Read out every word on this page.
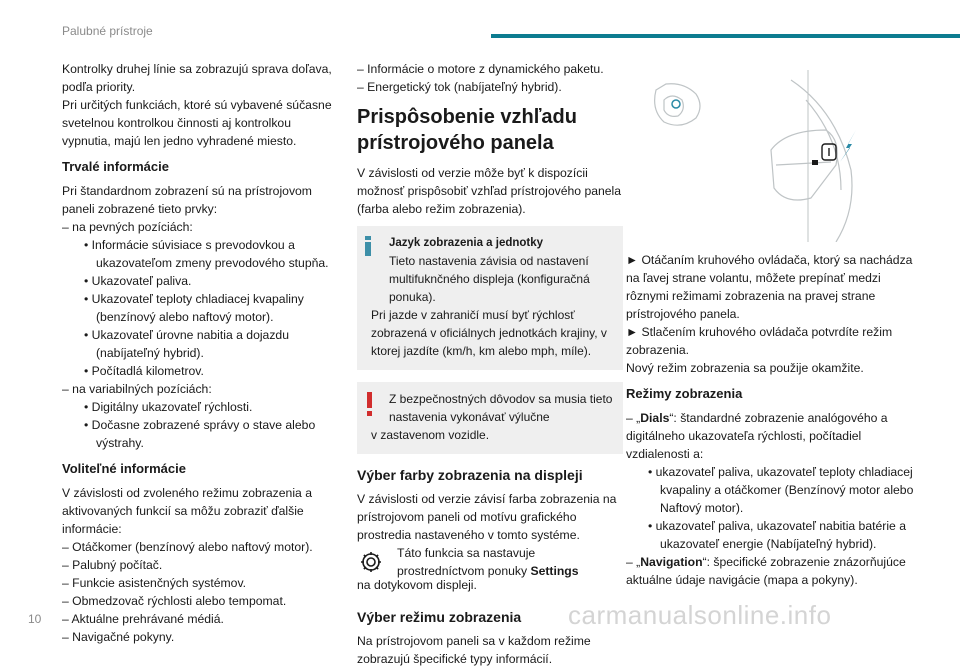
Palubné prístroje

Kontrolky druhej línie sa zobrazujú sprava doľava, podľa priority.

Pri určitých funkciách, ktoré sú vybavené súčasne svetelnou kontrolkou činnosti aj kontrolkou vypnutia, majú len jedno vyhradené miesto.

Trvalé informácie

Pri štandardnom zobrazení sú na prístrojovom paneli zobrazené tieto prvky:

– na pevných pozíciách:

• Informácie súvisiace s prevodovkou a ukazovateľom zmeny prevodového stupňa.

• Ukazovateľ paliva.

• Ukazovateľ teploty chladiacej kvapaliny (benzínový alebo naftový motor).

• Ukazovateľ úrovne nabitia a dojazdu (nabíjateľný hybrid).

• Počítadlá kilometrov.

– na variabilných pozíciách:

• Digitálny ukazovateľ rýchlosti.

• Dočasne zobrazené správy o stave alebo výstrahy.

Voliteľné informácie

V závislosti od zvoleného režimu zobrazenia a aktivovaných funkcií sa môžu zobraziť ďalšie informácie:

– Otáčkomer (benzínový alebo naftový motor).

– Palubný počítač.

– Funkcie asistenčných systémov.

– Obmedzovač rýchlosti alebo tempomat.

– Aktuálne prehrávané médiá.

– Navigačné pokyny.

– Informácie o motore z dynamického paketu.

– Energetický tok (nabíjateľný hybrid).

Prispôsobenie vzhľadu prístrojového panela

V závislosti od verzie môže byť k dispozícii možnosť prispôsobiť vzhľad prístrojového panela (farba alebo režim zobrazenia).

Jazyk zobrazenia a jednotky

Tieto nastavenia závisia od nastavení multifuknčného displeja (konfiguračná ponuka).

Pri jazde v zahraničí musí byť rýchlosť zobrazená v oficiálnych jednotkách krajiny, v ktorej jazdíte (km/h, km alebo mph, míle).

Z bezpečnostných dôvodov sa musia tieto nastavenia vykonávať výlučne

v zastavenom vozidle.

Výber farby zobrazenia na displeji

V závislosti od verzie závisí farba zobrazenia na prístrojovom paneli od motívu grafického prostredia nastaveného v tomto systéme.

Táto funkcia sa nastavuje prostredníctvom ponuky Settings

na dotykovom displeji.

Výber režimu zobrazenia

Na prístrojovom paneli sa v každom režime zobrazujú špecifické typy informácií.

► Otáčaním kruhového ovládača, ktorý sa nachádza na ľavej strane volantu, môžete prepínať medzi rôznymi režimami zobrazenia na pravej strane prístrojového panela.

► Stlačením kruhového ovládača potvrdíte režim zobrazenia.

Nový režim zobrazenia sa použije okamžite.

Režimy zobrazenia

– „Dials“: štandardné zobrazenie analógového a digitálneho ukazovateľa rýchlosti, počítadiel vzdialenosti a:

• ukazovateľ paliva, ukazovateľ teploty chladiacej kvapaliny a otáčkomer (Benzínový motor alebo Naftový motor).

• ukazovateľ paliva, ukazovateľ nabitia batérie a ukazovateľ energie (Nabíjateľný hybrid).

– „Navigation“: špecifické zobrazenie znázorňujúce aktuálne údaje navigácie (mapa a pokyny).

10	carmanualsonline.info
